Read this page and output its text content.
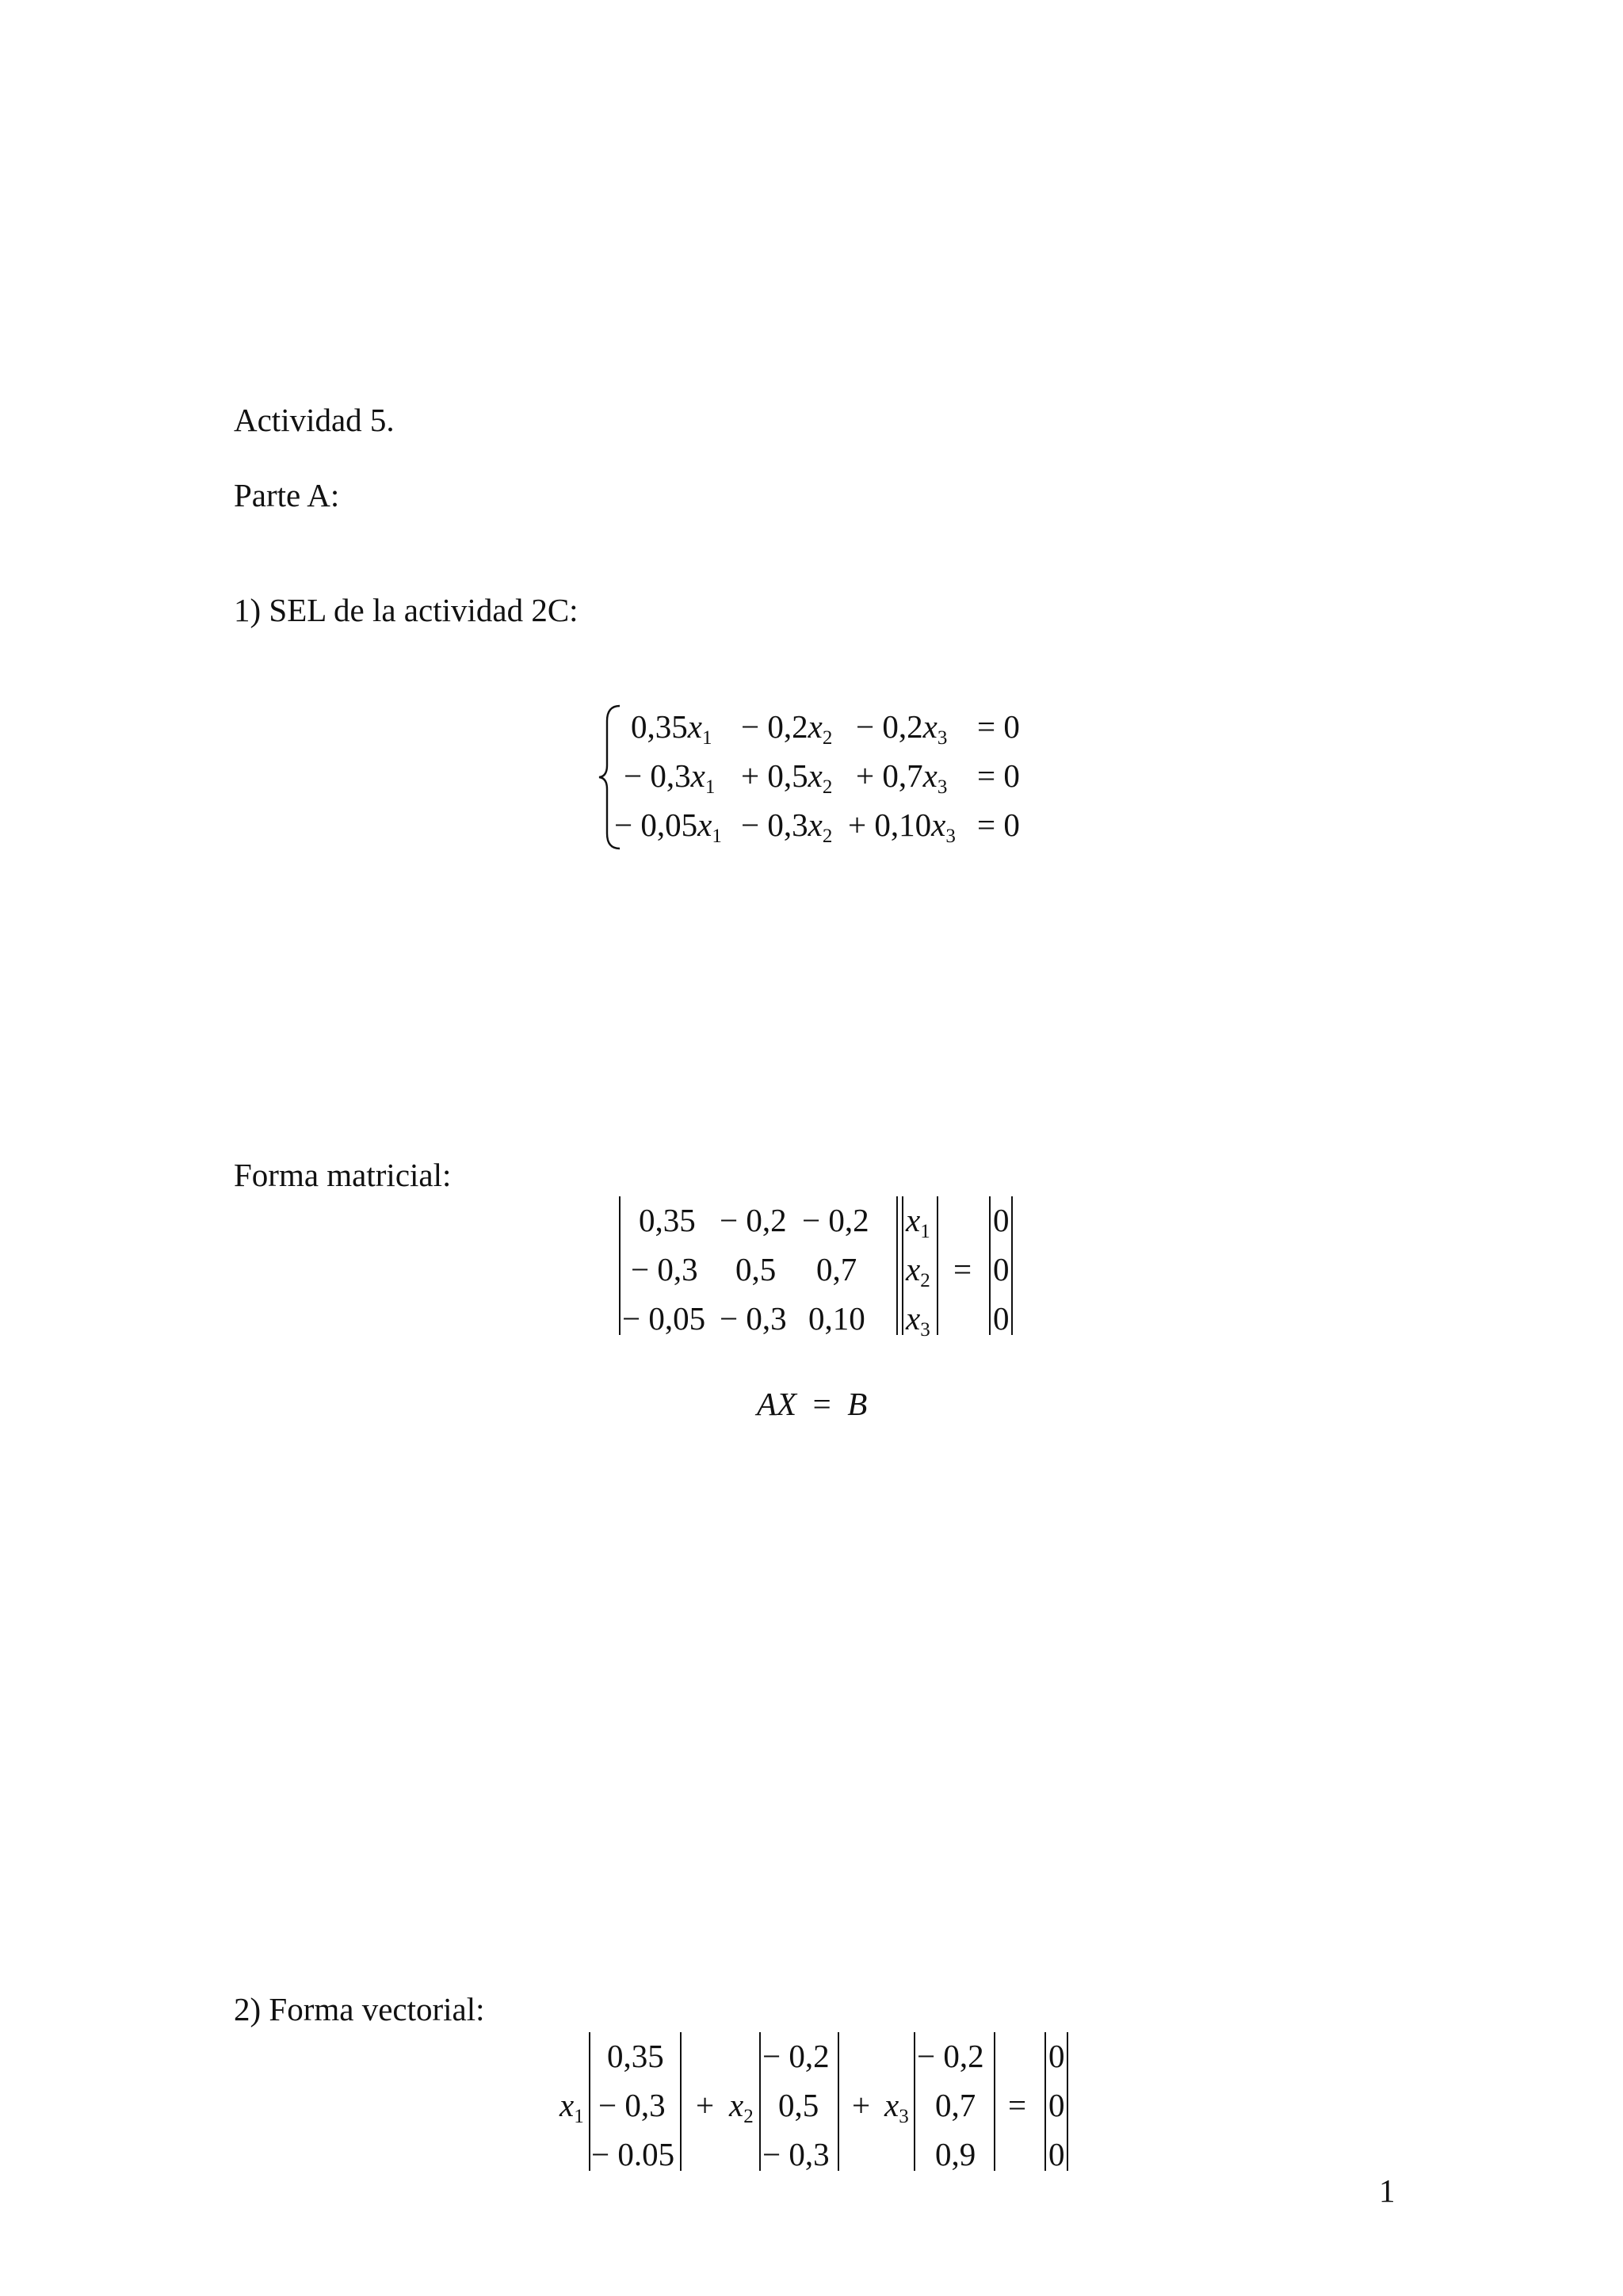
Actividad 5.
Parte A:
1) SEL de la actividad 2C:
$0,35x_1 - 0,2x_2 - 0,2x_3 = 0$
− $0,3x_1 + 0,5x_2 + 0,7x_3 = 0$
− $0,05x_1 - 0,3x_2 + 0,10x_3 = 0$
Forma matricial:
0,35 − 0,2 − 0,2
− 0,3 0,5 0,7
− 0,05 − 0,3 0,10
$x_1$
$x_2$
$x_3$
=
0
0
0
AX = B
2) Forma vectorial:
$x_1$
0,35
− 0,3
− 0.05
+ $x_2$
− 0,2
0,5
− 0,3
+ $x_3$
− 0,2
0,7
0,9
=
0
0
0
1
